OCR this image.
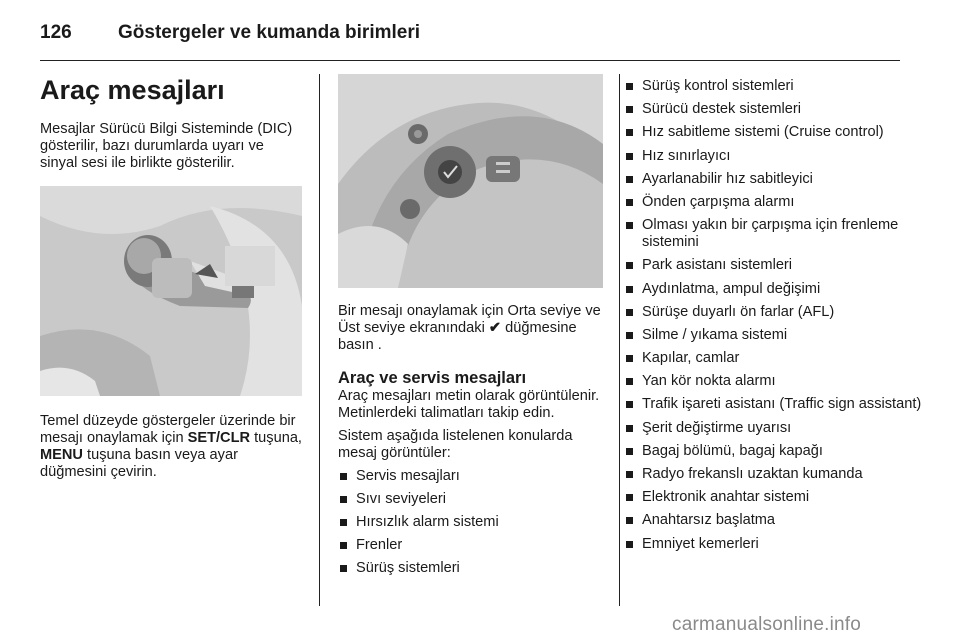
126 Göstergeler ve kumanda birimleri
Araç mesajları

Mesajlar Sürücü Bilgi Sisteminde (DIC) gösterilir, bazı durumlarda uyarı ve sinyal sesi ile birlikte gösterilir.

Temel düzeyde göstergeler üzerinde bir mesajı onaylamak için SET/CLR tuşuna, MENU tuşuna basın veya ayar düğmesini çevirin.

Bir mesajı onaylamak için Orta seviye ve Üst seviye ekranındaki ✔ düğmesine basın .

Araç ve servis mesajları

Araç mesajları metin olarak görüntülenir. Metinlerdeki talimatları takip edin.

Sistem aşağıda listelenen konularda mesaj görüntüler:

Servis mesajları
Sıvı seviyeleri
Hırsızlık alarm sistemi
Frenler
Sürüş sistemleri
Sürüş kontrol sistemleri
Sürücü destek sistemleri
Hız sabitleme sistemi (Cruise control)
Hız sınırlayıcı
Ayarlanabilir hız sabitleyici
Önden çarpışma alarmı
Olması yakın bir çarpışma için frenleme sistemini
Park asistanı sistemleri
Aydınlatma, ampul değişimi
Sürüşe duyarlı ön farlar (AFL)
Silme / yıkama sistemi
Kapılar, camlar
Yan kör nokta alarmı
Trafik işareti asistanı (Traffic sign assistant)
Şerit değiştirme uyarısı
Bagaj bölümü, bagaj kapağı
Radyo frekanslı uzaktan kumanda
Elektronik anahtar sistemi
Anahtarsız başlatma
Emniyet kemerleri
carmanualsonline.info
